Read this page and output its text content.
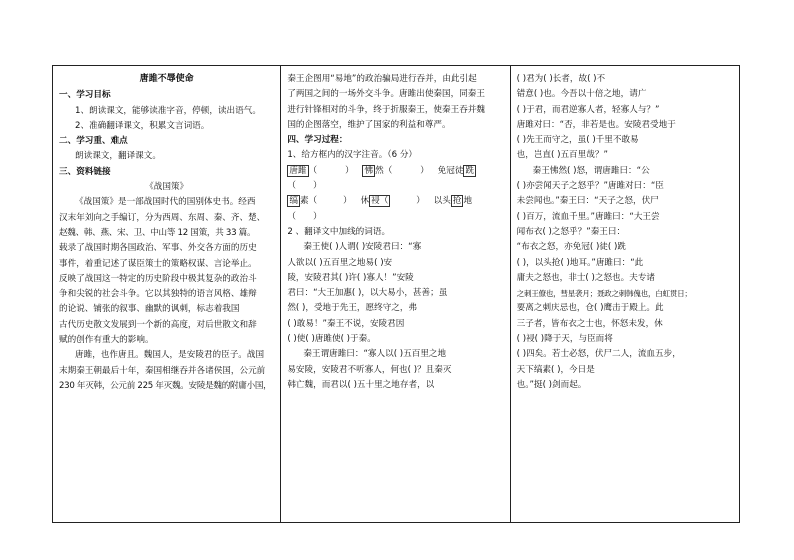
唐雎不辱使命

一、学习目标

1、朗读课文，能够读准字音，停顿，读出语气。

2、准确翻译课文，积累文言词语。

二、学习重、难点

朗读课文，翻译课文。

三、资料链接

《战国策》

《战国策》是一部战国时代的国别体史书。经西

汉末年刘向之手编订，分为西周、东周、秦、齐、楚、

赵魏、韩、燕、宋、卫、中山等 12 国策，共 33 篇。

载录了战国时期各国政治、军事、外交各方面的历史

事件，着重记述了谋臣策士的策略权谋、言论举止。

反映了战国这一特定的历史阶段中极其复杂的政治斗

争和尖锐的社会斗争。它以其独特的语言风格、雄辩

的论说、铺张的叙事、幽默的讽刺，标志着我国

古代历史散文发展到一个新的高度，对后世散文和辞

赋的创作有重大的影响。

唐雎，也作唐且。魏国人，是安陵君的臣子。战国

末期秦王朝最后十年，秦国相继吞并各诸侯国，公元前

230 年灭韩，公元前 225 年灭魏。安陵是魏的附庸小国，

秦王企图用“易地”的政治骗局进行吞并，由此引起

了两国之间的一场外交斗争。唐雎出使秦国，同秦王

进行针锋相对的斗争，终于折服秦王，使秦王吞并魏

国的企图落空，维护了国家的利益和尊严。

四、学习过程：

1、给方框内的汉字注音。（6 分）

唐雎 （	） 怫 然（	） 免冠徒 跣

（　　）

缟 素（	） 休 祲（	） 以头 抢 地

（　　）

2 、翻译文中加线的词语。

秦王使( )人谓( )安陵君曰：“寡

人欲以( )五百里之地易( )安

陵，安陵君其( )许( )寡人！”安陵

君曰：“大王加惠( )，以大易小，甚善；虽

然( )，受地于先王，愿终守之，弗

( )敢易！”秦王不说，安陵君因

( )使( )唐雎使( )于秦。

秦王谓唐雎曰：“寡人以( )五百里之地

易安陵，安陵君不听寡人，何也( )？且秦灭

韩亡魏，而君以( )五十里之地存者，以

( )君为( )长者，故( )不

错意( )也。今吾以十倍之地，请广

( )于君，而君逆寡人者，轻寡人与？”

唐雎对曰：“否，非若是也。安陵君受地于

( )先王而守之，虽( )千里不敢易

也，岂直( )五百里哉？”

秦王怫然( )怒，谓唐雎曰：“公

( )亦尝闻天子之怒乎？”唐雎对曰：“臣

未尝闻也。”秦王曰：“天子之怒，伏尸

( )百万，流血千里。”唐雎曰：“大王尝

闻布衣( )之怒乎？”秦王曰：

“布衣之怒，亦免冠( )徒( )跣

( )，以头抢( )地耳。”唐雎曰：“此

庸夫之怒也，非士( )之怒也。夫专诸

之刺王僚也，彗星袭月；聂政之刺韩傀也，白虹贯日；

要离之刺庆忌也，仓( )鹰击于殿上。此

三子者，皆布衣之士也，怀怒未发，休

( )祲( )降于天，与臣而将

( )四矣。若士必怒，伏尸二人，流血五步，

天下缟素( )，今日是

也。”挺( )剑而起。
